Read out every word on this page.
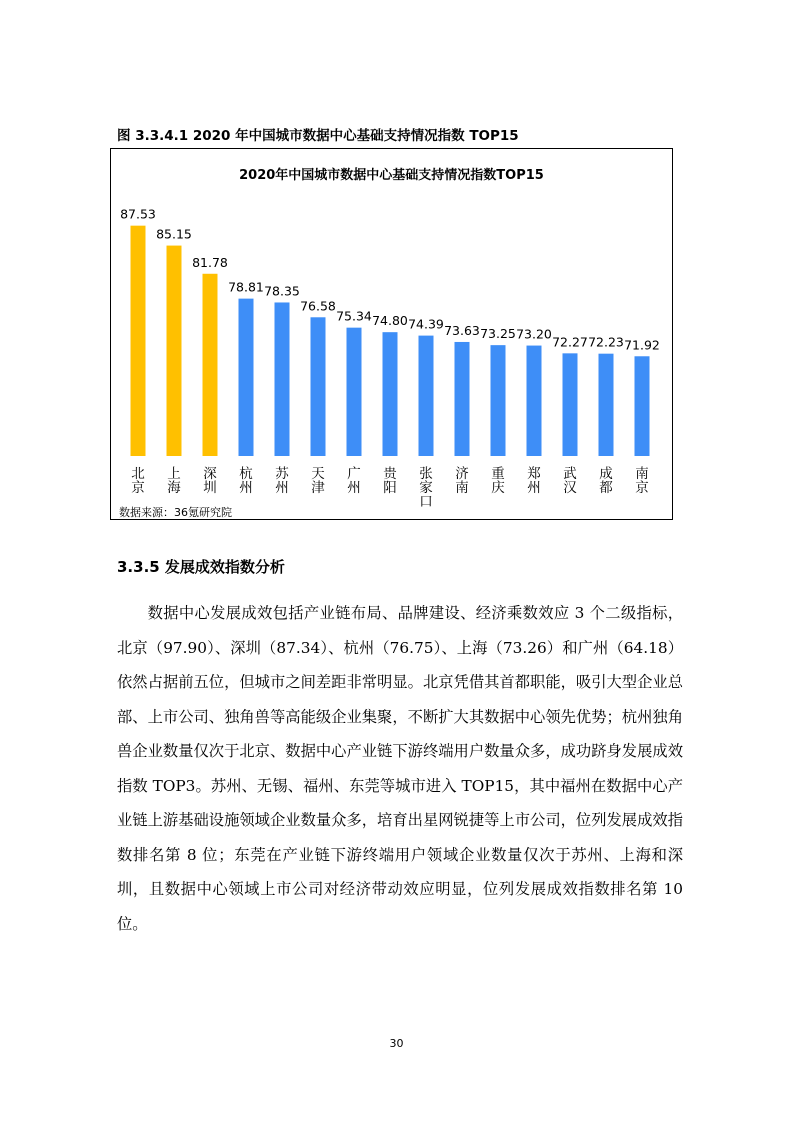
图 3.3.4.1 2020 年中国城市数据中心基础支持情况指数 TOP15
2020年中国城市数据中心基础支持情况指数TOP15
87.53
北京
85.15
上海
81.78
深圳
78.81
杭州
78.35
苏州
76.58
天津
75.34
广州
74.80
贵阳
74.39
张家口
73.63
济南
73.25
重庆
73.20
郑州
72.27
武汉
72.23
成都
71.92
南京
数据来源：36氪研究院
3.3.5 发展成效指数分析

数据中心发展成效包括产业链布局、品牌建设、经济乘数效应 3 个二级指标，北京（97.90）、深圳（87.34）、杭州（76.75）、上海（73.26）和广州（64.18）依然占据前五位，但城市之间差距非常明显。北京凭借其首都职能，吸引大型企业总部、上市公司、独角兽等高能级企业集聚，不断扩大其数据中心领先优势；杭州独角兽企业数量仅次于北京、数据中心产业链下游终端用户数量众多，成功跻身发展成效指数 TOP3。苏州、无锡、福州、东莞等城市进入 TOP15，其中福州在数据中心产业链上游基础设施领域企业数量众多，培育出星网锐捷等上市公司，位列发展成效指数排名第 8 位；东莞在产业链下游终端用户领域企业数量仅次于苏州、上海和深圳，且数据中心领域上市公司对经济带动效应明显，位列发展成效指数排名第 10 位。

30
